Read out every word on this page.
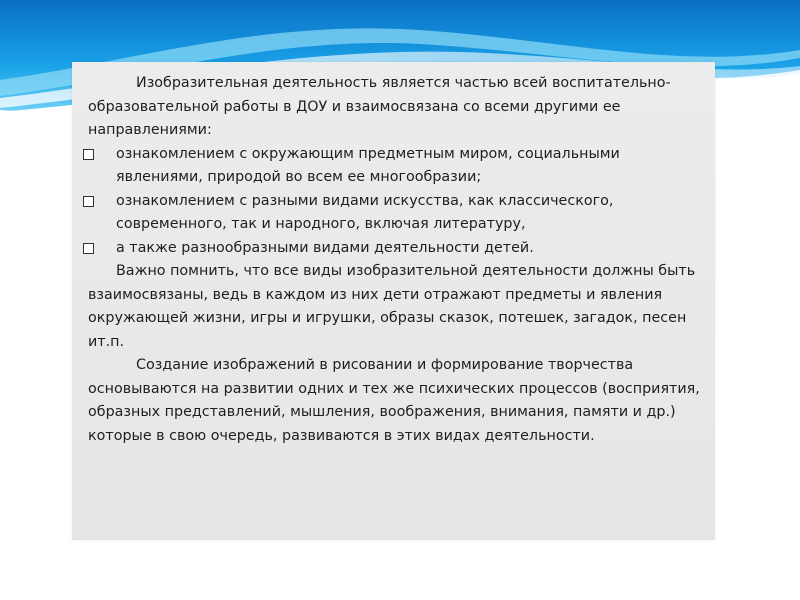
Изобразительная деятельность является частью всей воспитательно-образовательной работы в ДОУ и взаимосвязана со всеми другими ее направлениями:

ознакомлением с окружающим предметным миром, социальными явлениями, природой во всем ее многообразии;
ознакомлением с разными видами искусства, как классического, современного, так и народного, включая литературу,
а также разнообразными видами деятельности детей.

Важно помнить, что все виды изобразительной деятельности должны быть взаимосвязаны, ведь в каждом из них дети отражают предметы и явления окружающей жизни, игры и игрушки, образы сказок, потешек, загадок, песен ит.п.

Создание изображений в рисовании и формирование творчества основываются на развитии одних и тех же психических процессов (восприятия, образных представлений, мышления, воображения, внимания, памяти и др.) которые в свою очередь, развиваются в этих видах деятельности.
